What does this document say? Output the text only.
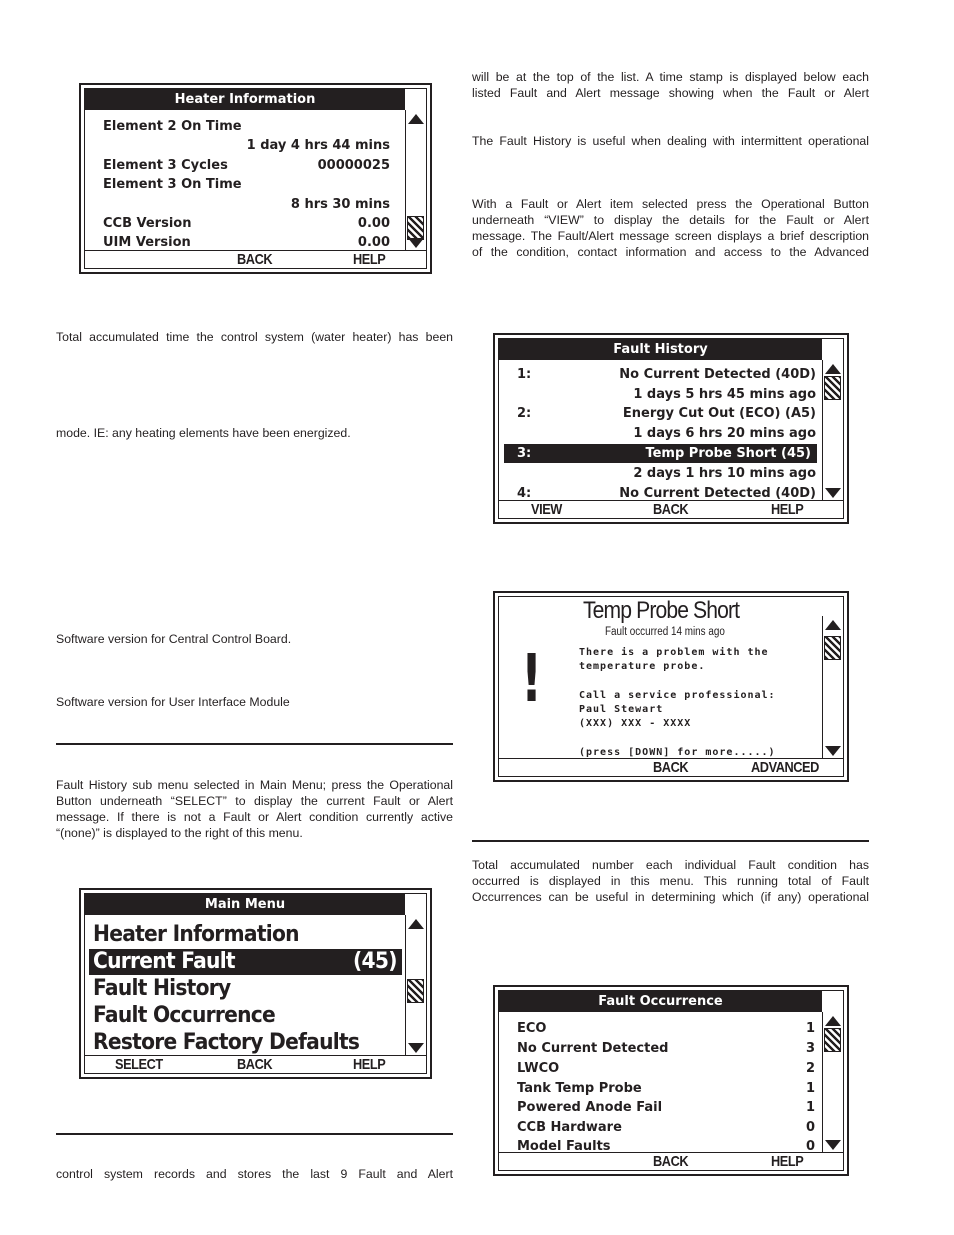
will be at the top of the list. A time stamp is displayed below each
listed Fault and Alert message showing when the Fault or Alert
The Fault History is useful when dealing with intermittent operational
With a Fault or Alert item selected press the Operational Button
underneath “VIEW” to display the details for the Fault or Alert
message. The Fault/Alert message screen displays a brief description
of the condition, contact information and access to the Advanced
Total accumulated time the control system (water heater) has been
mode. IE: any heating elements have been energized.
Software version for Central Control Board.
Software version for User Interface Module
Fault History sub menu selected in Main Menu; press the Operational
Button underneath “SELECT” to display the current Fault or Alert
message. If there is not a Fault or Alert condition currently active
“(none)” is displayed to the right of this menu.
control system records and stores the last 9 Fault and Alert
Total accumulated number each individual Fault condition has
occurred is displayed in this menu. This running total of Fault
Occurrences can be useful in determining which (if any) operational
Heater Information
Element 2 On Time
1 day 4 hrs 44 mins
Element 3 Cycles	00000025
Element 3 On Time
8 hrs 30 mins
CCB Version	0.00
UIM Version	0.00
BACK	HELP
Fault History
1:	No Current Detected (40D)
1 days 5 hrs 45 mins ago
2:	Energy Cut Out (ECO) (A5)
1 days 6 hrs 20 mins ago
3:	Temp Probe Short (45)
2 days 1 hrs 10 mins ago
4:	No Current Detected (40D)
VIEW	BACK	HELP
Temp Probe Short
Fault occurred 14 mins ago
!	There is a problem with the
temperature probe.
Call a service professional:
Paul Stewart
(XXX) XXX - XXXX
(press [DOWN] for more.....)
BACK	ADVANCED
Main Menu
Heater Information
Current Fault	(45)
Fault History
Fault Occurrence
Restore Factory Defaults
SELECT	BACK	HELP
Fault Occurrence
ECO	1
No Current Detected	3
LWCO	2
Tank Temp Probe	1
Powered Anode Fail	1
CCB Hardware	0
Model Faults	0
BACK	HELP
